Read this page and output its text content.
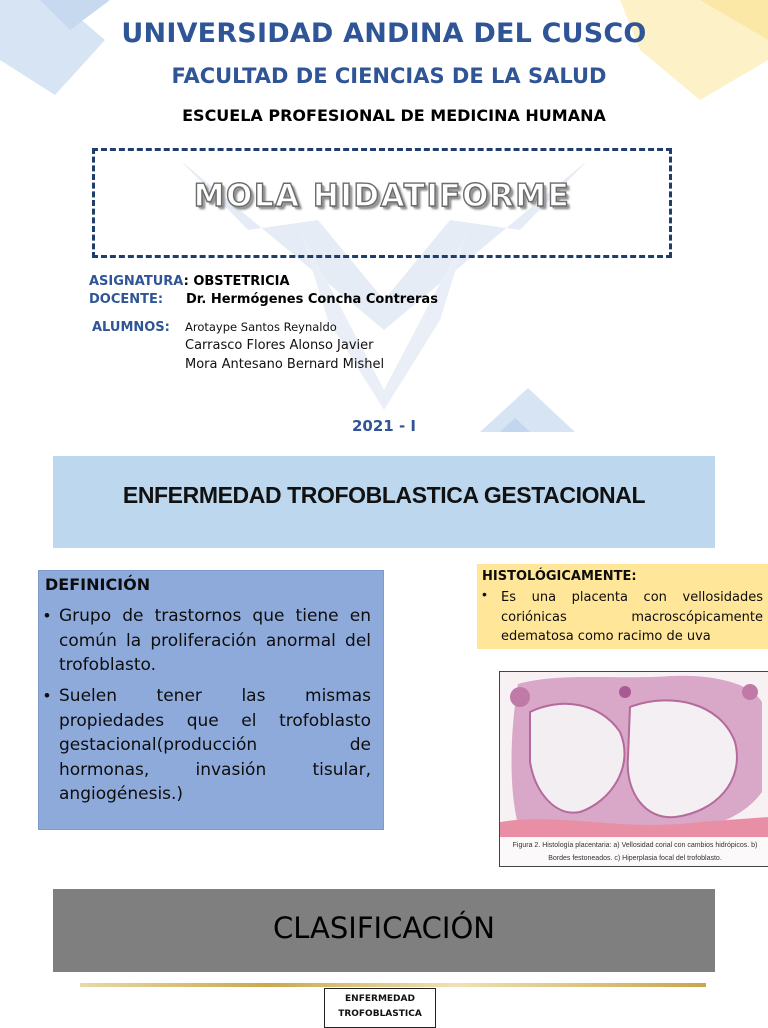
UNIVERSIDAD ANDINA DEL CUSCO
FACULTAD DE CIENCIAS DE LA SALUD
ESCUELA PROFESIONAL DE MEDICINA HUMANA
MOLA HIDATIFORME
ASIGNATURA: OBSTETRICIA
DOCENTE: Dr. Hermógenes Concha Contreras
ALUMNOS: Arotaype Santos Reynaldo
Carrasco Flores Alonso Javier
Mora Antesano Bernard Mishel
2021 - I
ENFERMEDAD TROFOBLASTICA GESTACIONAL
DEFINICIÓN
• Grupo de trastornos que tiene en común la proliferación anormal del trofoblasto.
• Suelen tener las mismas propiedades que el trofoblasto gestacional(producción de hormonas, invasión tisular, angiogénesis.)
HISTOLÓGICAMENTE:
• Es una placenta con vellosidades coriónicas macroscópicamente edematosa como racimo de uva
Figura 2. Histología placentaria: a) Vellosidad corial con cambios hidrópicos. b) Bordes festoneados. c) Hiperplasia focal del trofoblasto.
CLASIFICACIÓN
ENFERMEDAD TROFOBLASTICA
